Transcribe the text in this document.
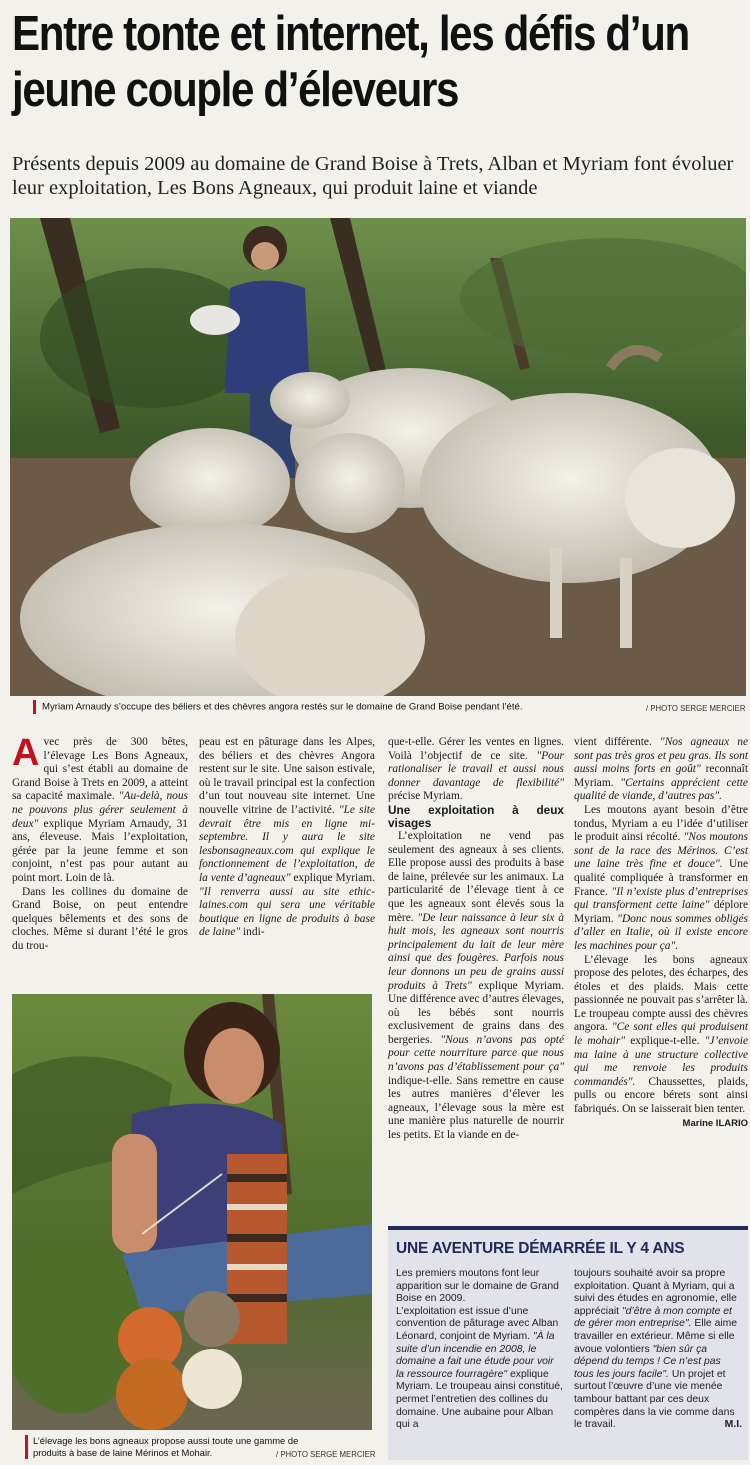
Entre tonte et internet, les défis d’un jeune couple d’éleveurs
Présents depuis 2009 au domaine de Grand Boise à Trets, Alban et Myriam font évoluer leur exploitation, Les Bons Agneaux, qui produit laine et viande
Myriam Arnaudy s’occupe des béliers et des chèvres angora restés sur le domaine de Grand Boise pendant l’été.	/ PHOTO SERGE MERCIER

Avec près de 300 bêtes, l’élevage Les Bons Agneaux, qui s’est établi au domaine de Grand Boise à Trets en 2009, a atteint sa capacité maximale. "Au-delà, nous ne pouvons plus gérer seulement à deux" explique Myriam Arnaudy, 31 ans, éleveuse. Mais l’exploitation, gérée par la jeune femme et son conjoint, n’est pas pour autant au point mort. Loin de là.

Dans les collines du domaine de Grand Boise, on peut entendre quelques bêlements et des sons de cloches. Même si durant l’été le gros du trou-

peau est en pâturage dans les Alpes, des béliers et des chèvres Angora restent sur le site. Une saison estivale, où le travail principal est la confection d’un tout nouveau site internet. Une nouvelle vitrine de l’activité. "Le site devrait être mis en ligne mi-septembre. Il y aura le site lesbonsagneaux.com qui explique le fonctionnement de l’exploitation, de la vente d’agneaux" explique Myriam. "Il renverra aussi au site ethic-laines.com qui sera une véritable boutique en ligne de produits à base de laine" indi-

que-t-elle. Gérer les ventes en lignes. Voilà l’objectif de ce site. "Pour rationaliser le travail et aussi nous donner davantage de flexibilité" précise Myriam.

Une exploitation à deux visages

L’exploitation ne vend pas seulement des agneaux à ses clients. Elle propose aussi des produits à base de laine, prélevée sur les animaux. La particularité de l’élevage tient à ce que les agneaux sont élevés sous la mère. "De leur naissance à leur six à huit mois, les agneaux sont nourris principalement du lait de leur mère ainsi que des fougères. Parfois nous leur donnons un peu de grains aussi produits à Trets" explique Myriam. Une différence avec d’autres élevages, où les bébés sont nourris exclusivement de grains dans des bergeries. "Nous n’avons pas opté pour cette nourriture parce que nous n’avons pas d’établissement pour ça" indique-t-elle. Sans remettre en cause les autres manières d’élever les agneaux, l’élevage sous la mère est une manière plus naturelle de nourrir les petits. Et la viande en de-

vient différente. "Nos agneaux ne sont pas très gros et peu gras. Ils sont aussi moins forts en goût" reconnaît Myriam. "Certains apprécient cette qualité de viande, d’autres pas".

Les moutons ayant besoin d’être tondus, Myriam a eu l’idée d’utiliser le produit ainsi récolté. "Nos moutons sont de la race des Mérinos. C’est une laine très fine et douce". Une qualité compliquée à transformer en France. "Il n’existe plus d’entreprises qui transforment cette laine" déplore Myriam. "Donc nous sommes obligés d’aller en Italie, où il existe encore les machines pour ça".

L’élevage les bons agneaux propose des pelotes, des écharpes, des étoles et des plaids. Mais cette passionnée ne pouvait pas s’arrêter là. Le troupeau compte aussi des chèvres angora. "Ce sont elles qui produisent le mohair" explique-t-elle. "J’envoie ma laine à une structure collective qui me renvoie les produits commandés". Chaussettes, plaids, pulls ou encore bérets sont ainsi fabriqués. On se laisserait bien tenter.

Marine ILARIO
L’élevage les bons agneaux propose aussi toute une gamme de produits à base de laine Mérinos et Mohair.	/ PHOTO SERGE MERCIER
UNE AVENTURE DÉMARRÉE IL Y 4 ANS
Les premiers moutons font leur apparition sur le domaine de Grand Boise en 2009.
L’exploitation est issue d’une convention de pâturage avec Alban Léonard, conjoint de Myriam. "À la suite d’un incendie en 2008, le domaine a fait une étude pour voir la ressource fourragère" explique Myriam. Le troupeau ainsi constitué, permet l’entretien des collines du domaine. Une aubaine pour Alban qui a
toujours souhaité avoir sa propre exploitation. Quant à Myriam, qui a suivi des études en agronomie, elle appréciait "d’être à mon compte et de gérer mon entreprise". Elle aime travailler en extérieur. Même si elle avoue volontiers "bien sûr ça dépend du temps ! Ce n’est pas tous les jours facile". Un projet et surtout l’œuvre d’une vie menée tambour battant par ces deux compères dans la vie comme dans le travail.	M.I.
